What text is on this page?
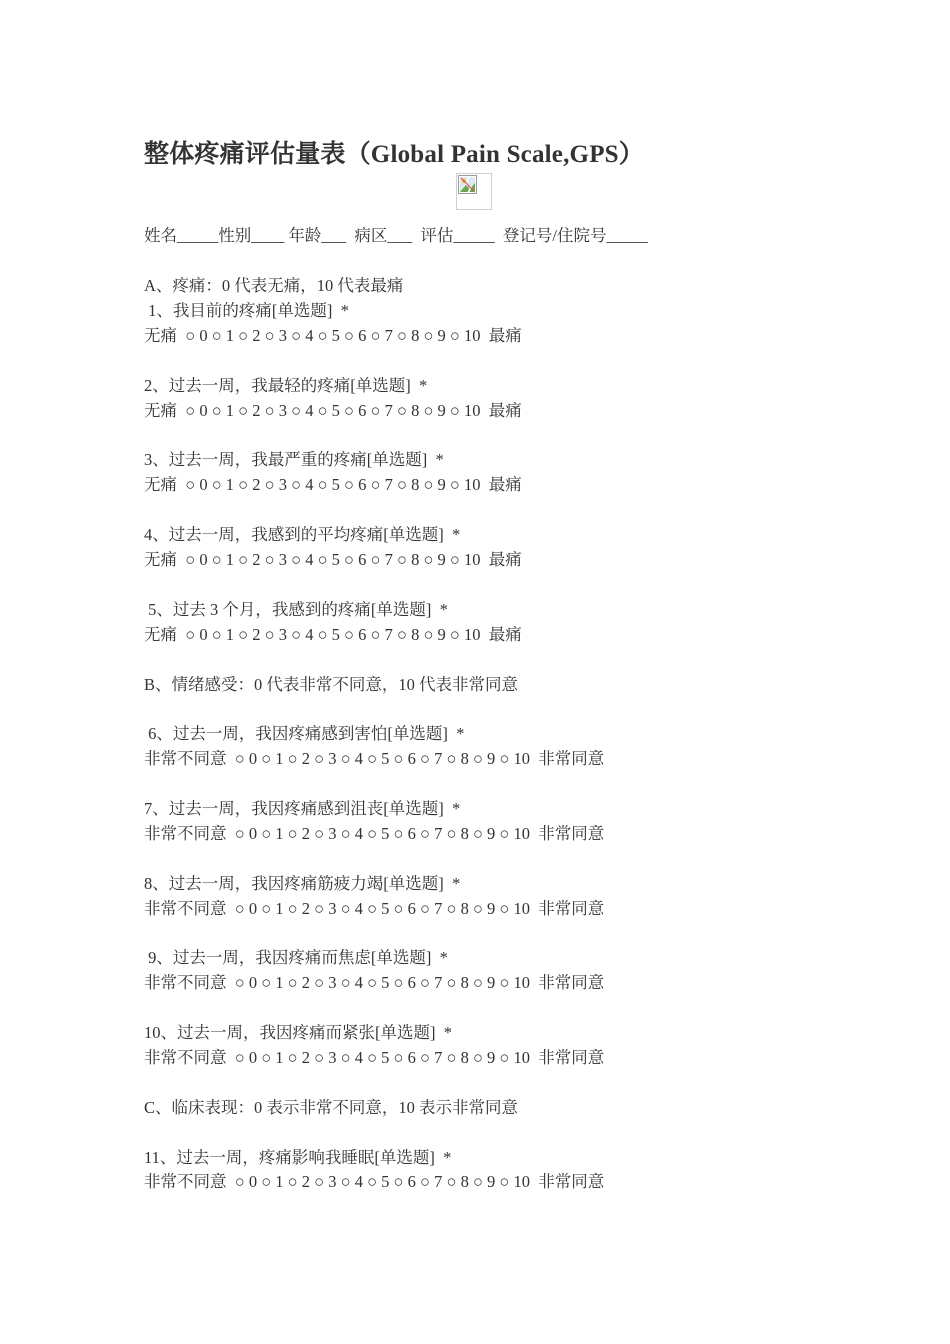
整体疼痛评估量表（Global Pain Scale,GPS）
姓名_____性别____ 年龄___  病区___  评估_____  登记号/住院号_____
A、疼痛：0 代表无痛，10 代表最痛
1、我目前的疼痛[单选题]  *
无痛  ○ 0 ○ 1 ○ 2 ○ 3 ○ 4 ○ 5 ○ 6 ○ 7 ○ 8 ○ 9 ○ 10  最痛
2、过去一周，我最轻的疼痛[单选题]  *
无痛  ○ 0 ○ 1 ○ 2 ○ 3 ○ 4 ○ 5 ○ 6 ○ 7 ○ 8 ○ 9 ○ 10  最痛
3、过去一周，我最严重的疼痛[单选题]  *
无痛  ○ 0 ○ 1 ○ 2 ○ 3 ○ 4 ○ 5 ○ 6 ○ 7 ○ 8 ○ 9 ○ 10  最痛
4、过去一周，我感到的平均疼痛[单选题]  *
无痛  ○ 0 ○ 1 ○ 2 ○ 3 ○ 4 ○ 5 ○ 6 ○ 7 ○ 8 ○ 9 ○ 10  最痛
5、过去 3 个月，我感到的疼痛[单选题]  *
无痛  ○ 0 ○ 1 ○ 2 ○ 3 ○ 4 ○ 5 ○ 6 ○ 7 ○ 8 ○ 9 ○ 10  最痛
B、情绪感受：0 代表非常不同意，10 代表非常同意
6、过去一周，我因疼痛感到害怕[单选题]  *
非常不同意  ○ 0 ○ 1 ○ 2 ○ 3 ○ 4 ○ 5 ○ 6 ○ 7 ○ 8 ○ 9 ○ 10  非常同意
7、过去一周，我因疼痛感到沮丧[单选题]  *
非常不同意  ○ 0 ○ 1 ○ 2 ○ 3 ○ 4 ○ 5 ○ 6 ○ 7 ○ 8 ○ 9 ○ 10  非常同意
8、过去一周，我因疼痛筋疲力竭[单选题]  *
非常不同意  ○ 0 ○ 1 ○ 2 ○ 3 ○ 4 ○ 5 ○ 6 ○ 7 ○ 8 ○ 9 ○ 10  非常同意
9、过去一周，我因疼痛而焦虑[单选题]  *
非常不同意  ○ 0 ○ 1 ○ 2 ○ 3 ○ 4 ○ 5 ○ 6 ○ 7 ○ 8 ○ 9 ○ 10  非常同意
10、过去一周，我因疼痛而紧张[单选题]  *
非常不同意  ○ 0 ○ 1 ○ 2 ○ 3 ○ 4 ○ 5 ○ 6 ○ 7 ○ 8 ○ 9 ○ 10  非常同意
C、临床表现：0 表示非常不同意，10 表示非常同意
11、过去一周，疼痛影响我睡眠[单选题]  *
非常不同意  ○ 0 ○ 1 ○ 2 ○ 3 ○ 4 ○ 5 ○ 6 ○ 7 ○ 8 ○ 9 ○ 10  非常同意
